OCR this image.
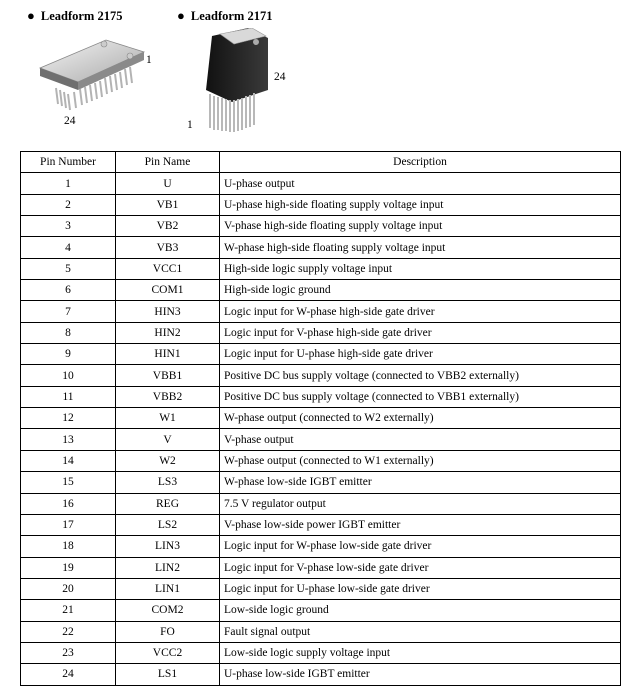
● Leadform 2175	● Leadform 2171
1
24
24
1
Pin Number	Pin Name	Description
1	U	U-phase output
2	VB1	U-phase high-side floating supply voltage input
3	VB2	V-phase high-side floating supply voltage input
4	VB3	W-phase high-side floating supply voltage input
5	VCC1	High-side logic supply voltage input
6	COM1	High-side logic ground
7	HIN3	Logic input for W-phase high-side gate driver
8	HIN2	Logic input for V-phase high-side gate driver
9	HIN1	Logic input for U-phase high-side gate driver
10	VBB1	Positive DC bus supply voltage (connected to VBB2 externally)
11	VBB2	Positive DC bus supply voltage (connected to VBB1 externally)
12	W1	W-phase output (connected to W2 externally)
13	V	V-phase output
14	W2	W-phase output (connected to W1 externally)
15	LS3	W-phase low-side IGBT emitter
16	REG	7.5 V regulator output
17	LS2	V-phase low-side power IGBT emitter
18	LIN3	Logic input for W-phase low-side gate driver
19	LIN2	Logic input for V-phase low-side gate driver
20	LIN1	Logic input for U-phase low-side gate driver
21	COM2	Low-side logic ground
22	FO	Fault signal output
23	VCC2	Low-side logic supply voltage input
24	LS1	U-phase low-side IGBT emitter
